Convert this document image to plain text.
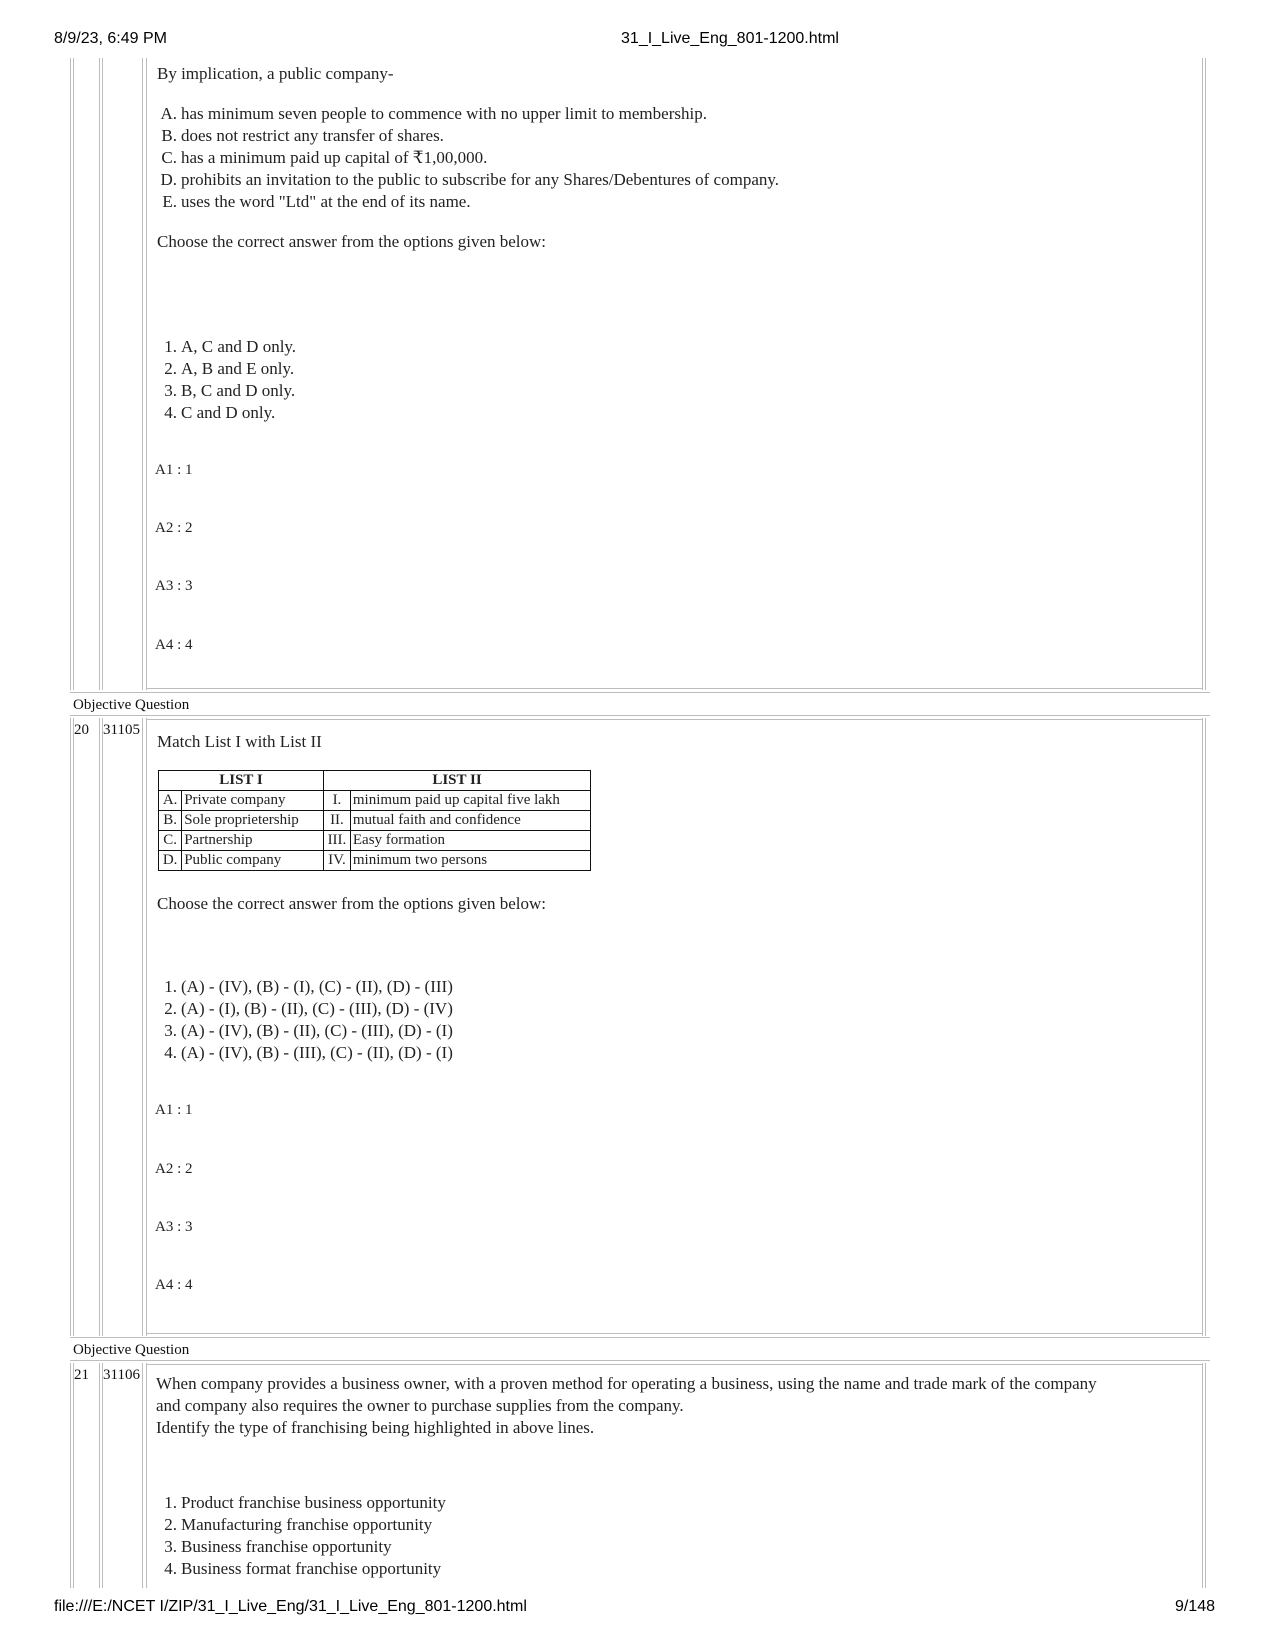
8/9/23, 6:49 PM	31_I_Live_Eng_801-1200.html
By implication, a public company-
A. has minimum seven people to commence with no upper limit to membership.
B. does not restrict any transfer of shares.
C. has a minimum paid up capital of ₹1,00,000.
D. prohibits an invitation to the public to subscribe for any Shares/Debentures of company.
E. uses the word "Ltd" at the end of its name.
Choose the correct answer from the options given below:
1. A, C and D only.
2. A, B and E only.
3. B, C and D only.
4. C and D only.
A1 : 1
A2 : 2
A3 : 3
A4 : 4
Objective Question
20 31105
Match List I with List II
LIST I		LIST II	
A.	Private company	I.	minimum paid up capital five lakh
B.	Sole proprietership	II.	mutual faith and confidence
C.	Partnership	III.	Easy formation
D.	Public company	IV.	minimum two persons
Choose the correct answer from the options given below:
1. (A) - (IV), (B) - (I), (C) - (II), (D) - (III)
2. (A) - (I), (B) - (II), (C) - (III), (D) - (IV)
3. (A) - (IV), (B) - (II), (C) - (III), (D) - (I)
4. (A) - (IV), (B) - (III), (C) - (II), (D) - (I)
A1 : 1
A2 : 2
A3 : 3
A4 : 4
Objective Question
21 31106 When company provides a business owner, with a proven method for operating a business, using the name and trade mark of the company
and company also requires the owner to purchase supplies from the company.
Identify the type of franchising being highlighted in above lines.
1. Product franchise business opportunity
2. Manufacturing franchise opportunity
3. Business franchise opportunity
4. Business format franchise opportunity
file:///E:/NCET I/ZIP/31_I_Live_Eng/31_I_Live_Eng_801-1200.html	9/148
